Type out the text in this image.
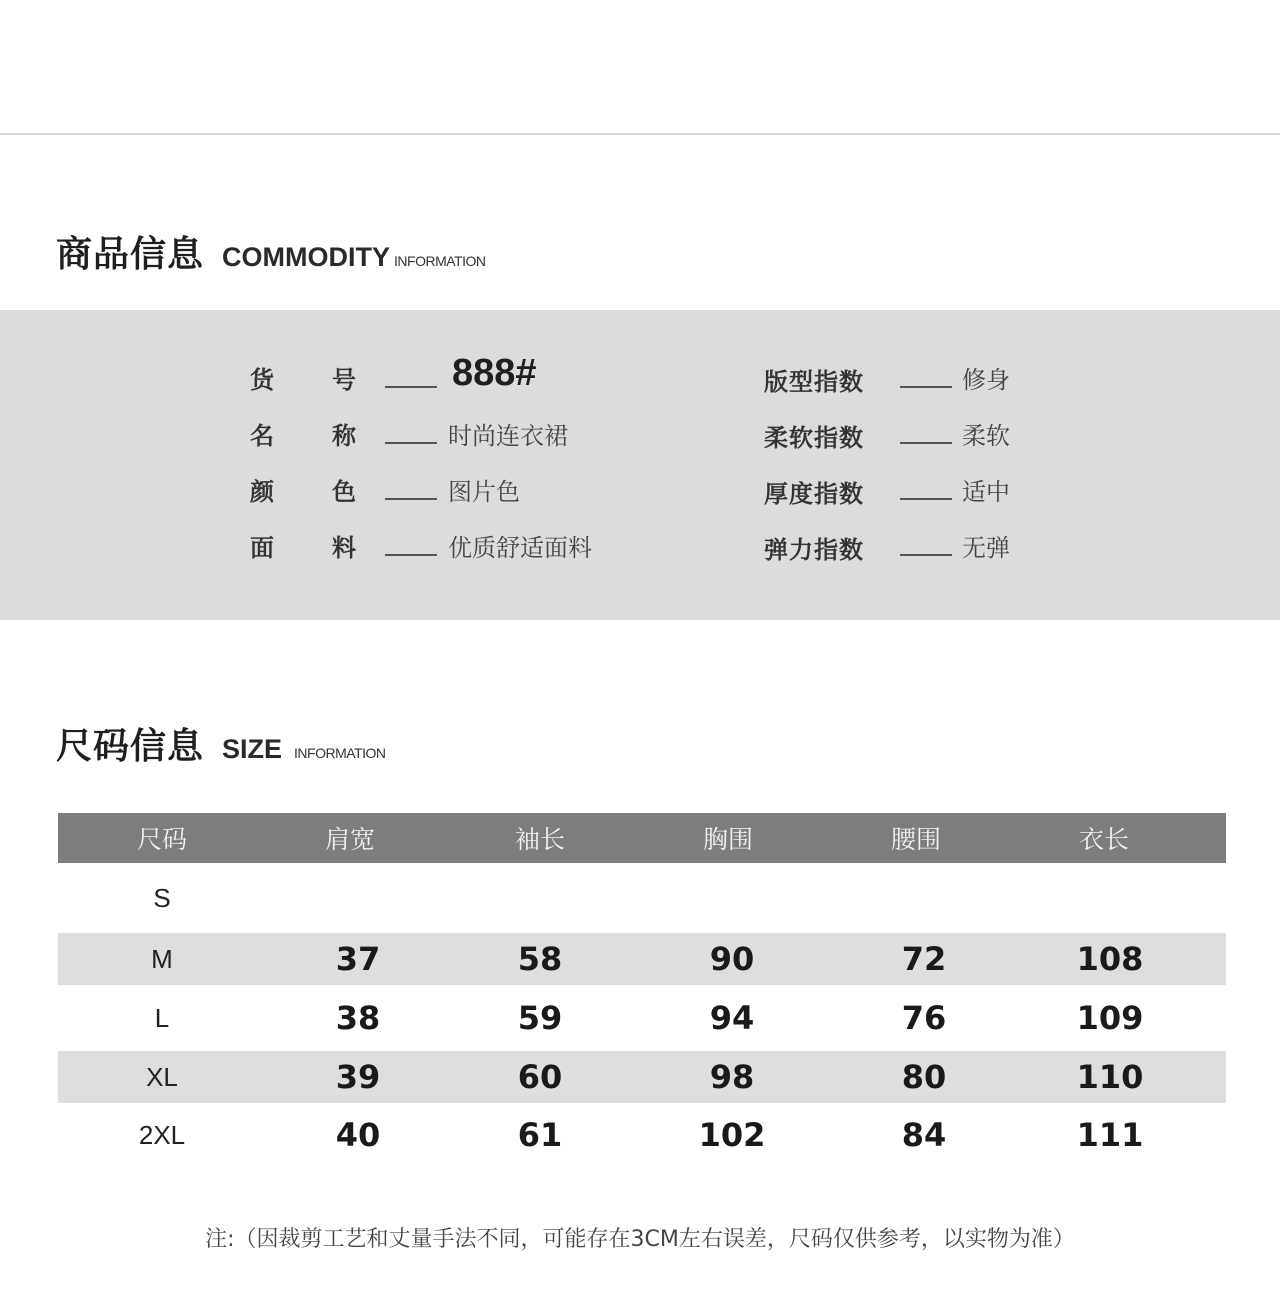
商品信息 COMMODITY INFORMATION
货 号	888#
名 称	时尚连衣裙
颜 色	图片色
面 料	优质舒适面料
版型指数	修身
柔软指数	柔软
厚度指数	适中
弹力指数	无弹
尺码信息 SIZE INFORMATION
尺码	肩宽	袖长	胸围	腰围	衣长
S
M	37	58	90	72	108
L	38	59	94	76	109
XL	39	60	98	80	110
2XL	40	61	102	84	111
注:（因裁剪工艺和丈量手法不同，可能存在3CM左右误差，尺码仅供参考，以实物为准）
